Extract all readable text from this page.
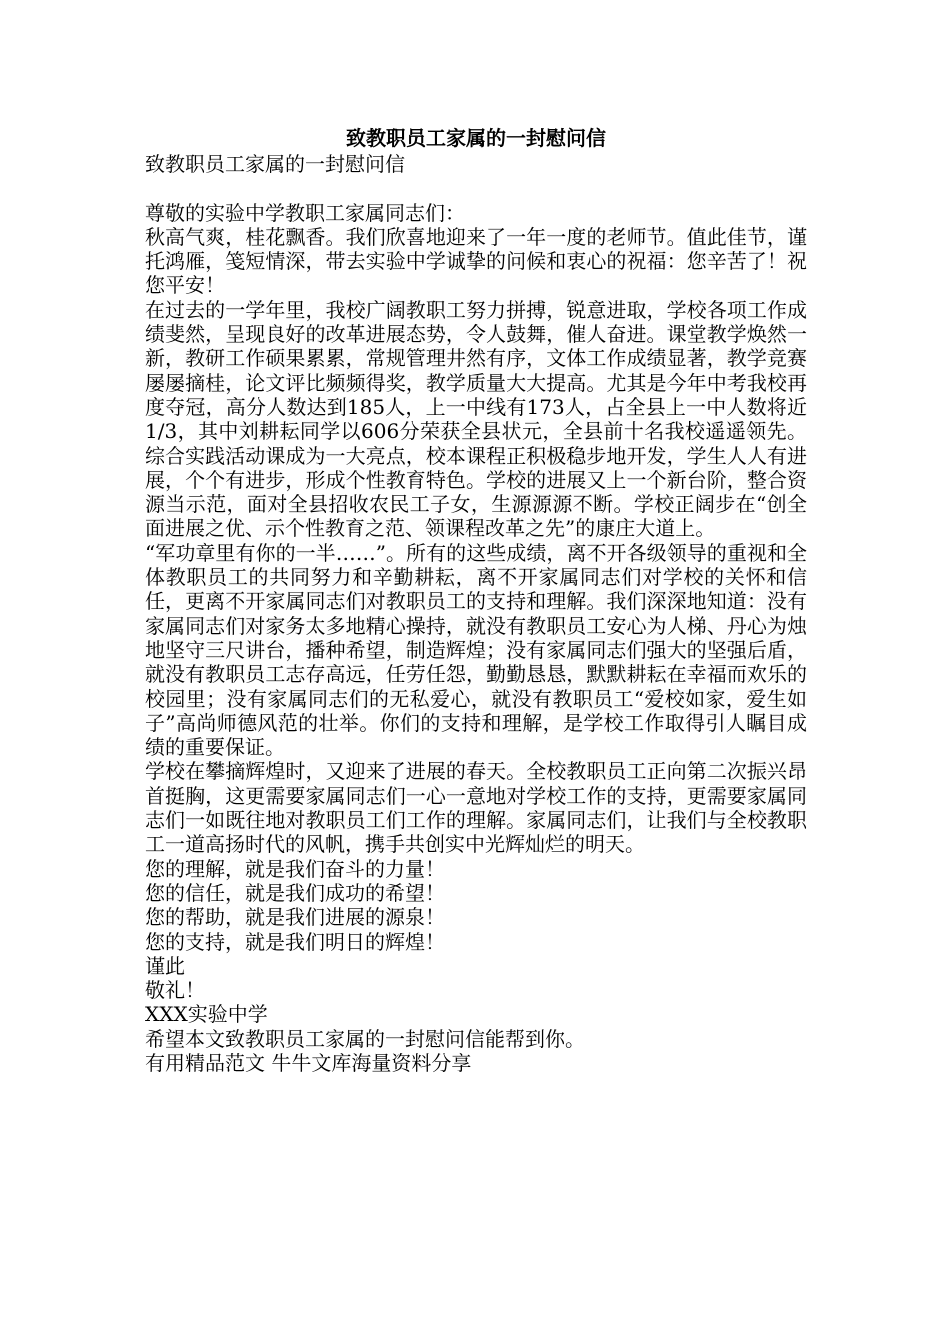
致教职员工家属的一封慰问信

致教职员工家属的一封慰问信

尊敬的实验中学教职工家属同志们：

秋高气爽，桂花飘香。我们欣喜地迎来了一年一度的老师节。值此佳节，谨托鸿雁，笺短情深，带去实验中学诚挚的问候和衷心的祝福：您辛苦了！祝您平安！

在过去的一学年里，我校广阔教职工努力拼搏，锐意进取，学校各项工作成绩斐然，呈现良好的改革进展态势，令人鼓舞，催人奋进。课堂教学焕然一新，教研工作硕果累累，常规管理井然有序，文体工作成绩显著，教学竞赛屡屡摘桂，论文评比频频得奖，教学质量大大提高。尤其是今年中考我校再度夺冠，高分人数达到185人，上一中线有173人，占全县上一中人数将近1/3，其中刘耕耘同学以606分荣获全县状元，全县前十名我校遥遥领先。综合实践活动课成为一大亮点，校本课程正积极稳步地开发，学生人人有进展，个个有进步，形成个性教育特色。学校的进展又上一个新台阶，整合资源当示范，面对全县招收农民工子女，生源源源不断。学校正阔步在“创全面进展之优、示个性教育之范、领课程改革之先”的康庄大道上。

“军功章里有你的一半……”。所有的这些成绩，离不开各级领导的重视和全体教职员工的共同努力和辛勤耕耘，离不开家属同志们对学校的关怀和信任，更离不开家属同志们对教职员工的支持和理解。我们深深地知道：没有家属同志们对家务太多地精心操持，就没有教职员工安心为人梯、丹心为烛地坚守三尺讲台，播种希望，制造辉煌；没有家属同志们强大的坚强后盾，就没有教职员工志存高远，任劳任怨，勤勤恳恳，默默耕耘在幸福而欢乐的校园里；没有家属同志们的无私爱心，就没有教职员工“爱校如家，爱生如子”高尚师德风范的壮举。你们的支持和理解，是学校工作取得引人瞩目成绩的重要保证。

学校在攀摘辉煌时，又迎来了进展的春天。全校教职员工正向第二次振兴昂首挺胸，这更需要家属同志们一心一意地对学校工作的支持，更需要家属同志们一如既往地对教职员工们工作的理解。家属同志们，让我们与全校教职工一道高扬时代的风帆，携手共创实中光辉灿烂的明天。

您的理解，就是我们奋斗的力量！

您的信任，就是我们成功的希望！

您的帮助，就是我们进展的源泉！

您的支持，就是我们明日的辉煌！

谨此

敬礼！

XXX实验中学

希望本文致教职员工家属的一封慰问信能帮到你。

有用精品范文 牛牛文库海量资料分享
